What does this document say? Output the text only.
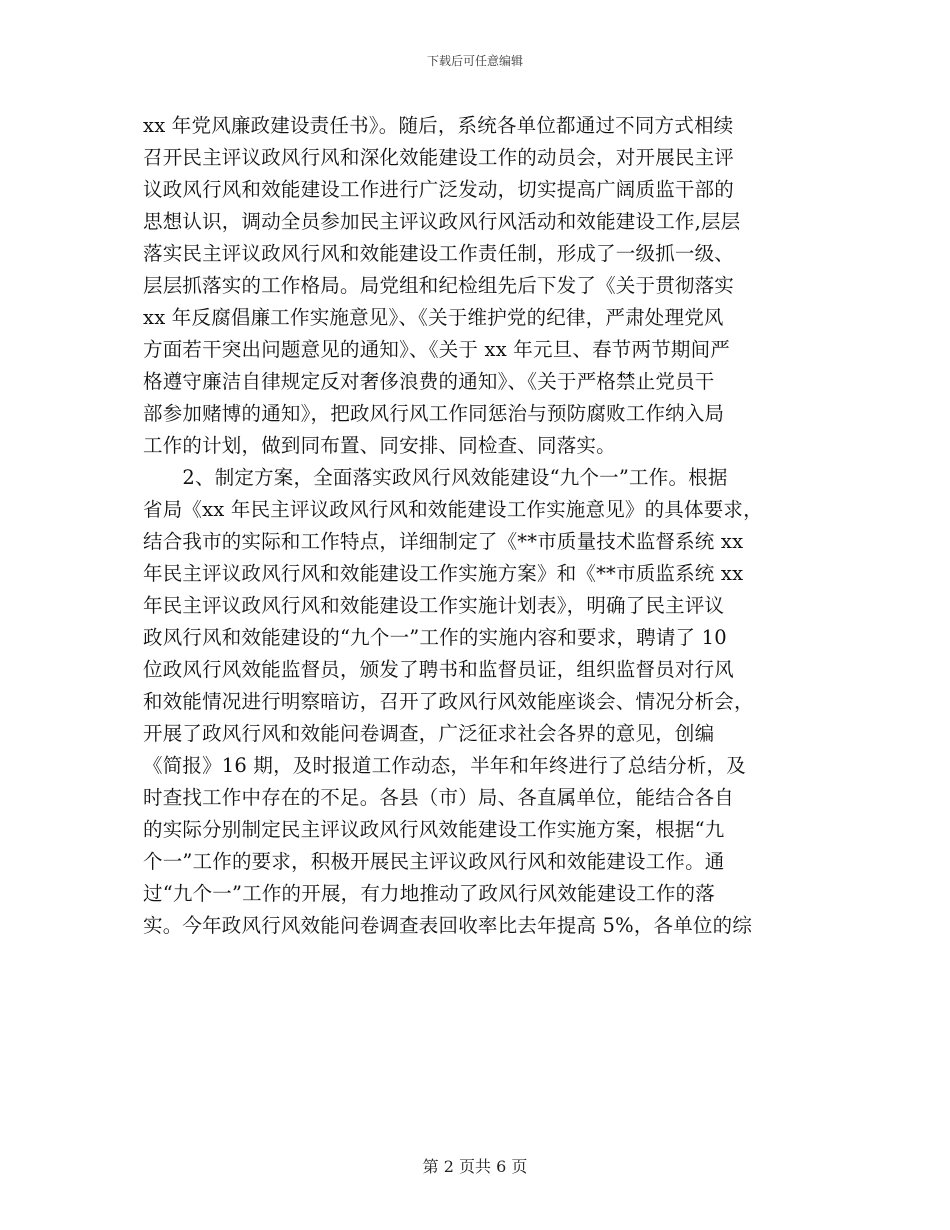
下载后可任意编辑
xx 年党风廉政建设责任书》。随后，系统各单位都通过不同方式相续
召开民主评议政风行风和深化效能建设工作的动员会，对开展民主评
议政风行风和效能建设工作进行广泛发动，切实提高广阔质监干部的
思想认识，调动全员参加民主评议政风行风活动和效能建设工作,层层
落实民主评议政风行风和效能建设工作责任制，形成了一级抓一级、
层层抓落实的工作格局。局党组和纪检组先后下发了《关于贯彻落实
xx 年反腐倡廉工作实施意见》、《关于维护党的纪律，严肃处理党风
方面若干突出问题意见的通知》、《关于 xx 年元旦、春节两节期间严
格遵守廉洁自律规定反对奢侈浪费的通知》、《关于严格禁止党员干
部参加赌博的通知》，把政风行风工作同惩治与预防腐败工作纳入局
工作的计划，做到同布置、同安排、同检查、同落实。
　　2、制定方案，全面落实政风行风效能建设“九个一”工作。根据
省局《xx 年民主评议政风行风和效能建设工作实施意见》的具体要求，
结合我市的实际和工作特点，详细制定了《**市质量技术监督系统 xx
年民主评议政风行风和效能建设工作实施方案》和《**市质监系统 xx
年民主评议政风行风和效能建设工作实施计划表》，明确了民主评议
政风行风和效能建设的“九个一”工作的实施内容和要求，聘请了 10
位政风行风效能监督员，颁发了聘书和监督员证，组织监督员对行风
和效能情况进行明察暗访，召开了政风行风效能座谈会、情况分析会，
开展了政风行风和效能问卷调查，广泛征求社会各界的意见，创编
《简报》16 期，及时报道工作动态，半年和年终进行了总结分析，及
时查找工作中存在的不足。各县（市）局、各直属单位，能结合各自
的实际分别制定民主评议政风行风效能建设工作实施方案，根据“九
个一”工作的要求，积极开展民主评议政风行风和效能建设工作。通
过“九个一”工作的开展，有力地推动了政风行风效能建设工作的落
实。今年政风行风效能问卷调查表回收率比去年提高 5%，各单位的综
第 2 页共 6 页
